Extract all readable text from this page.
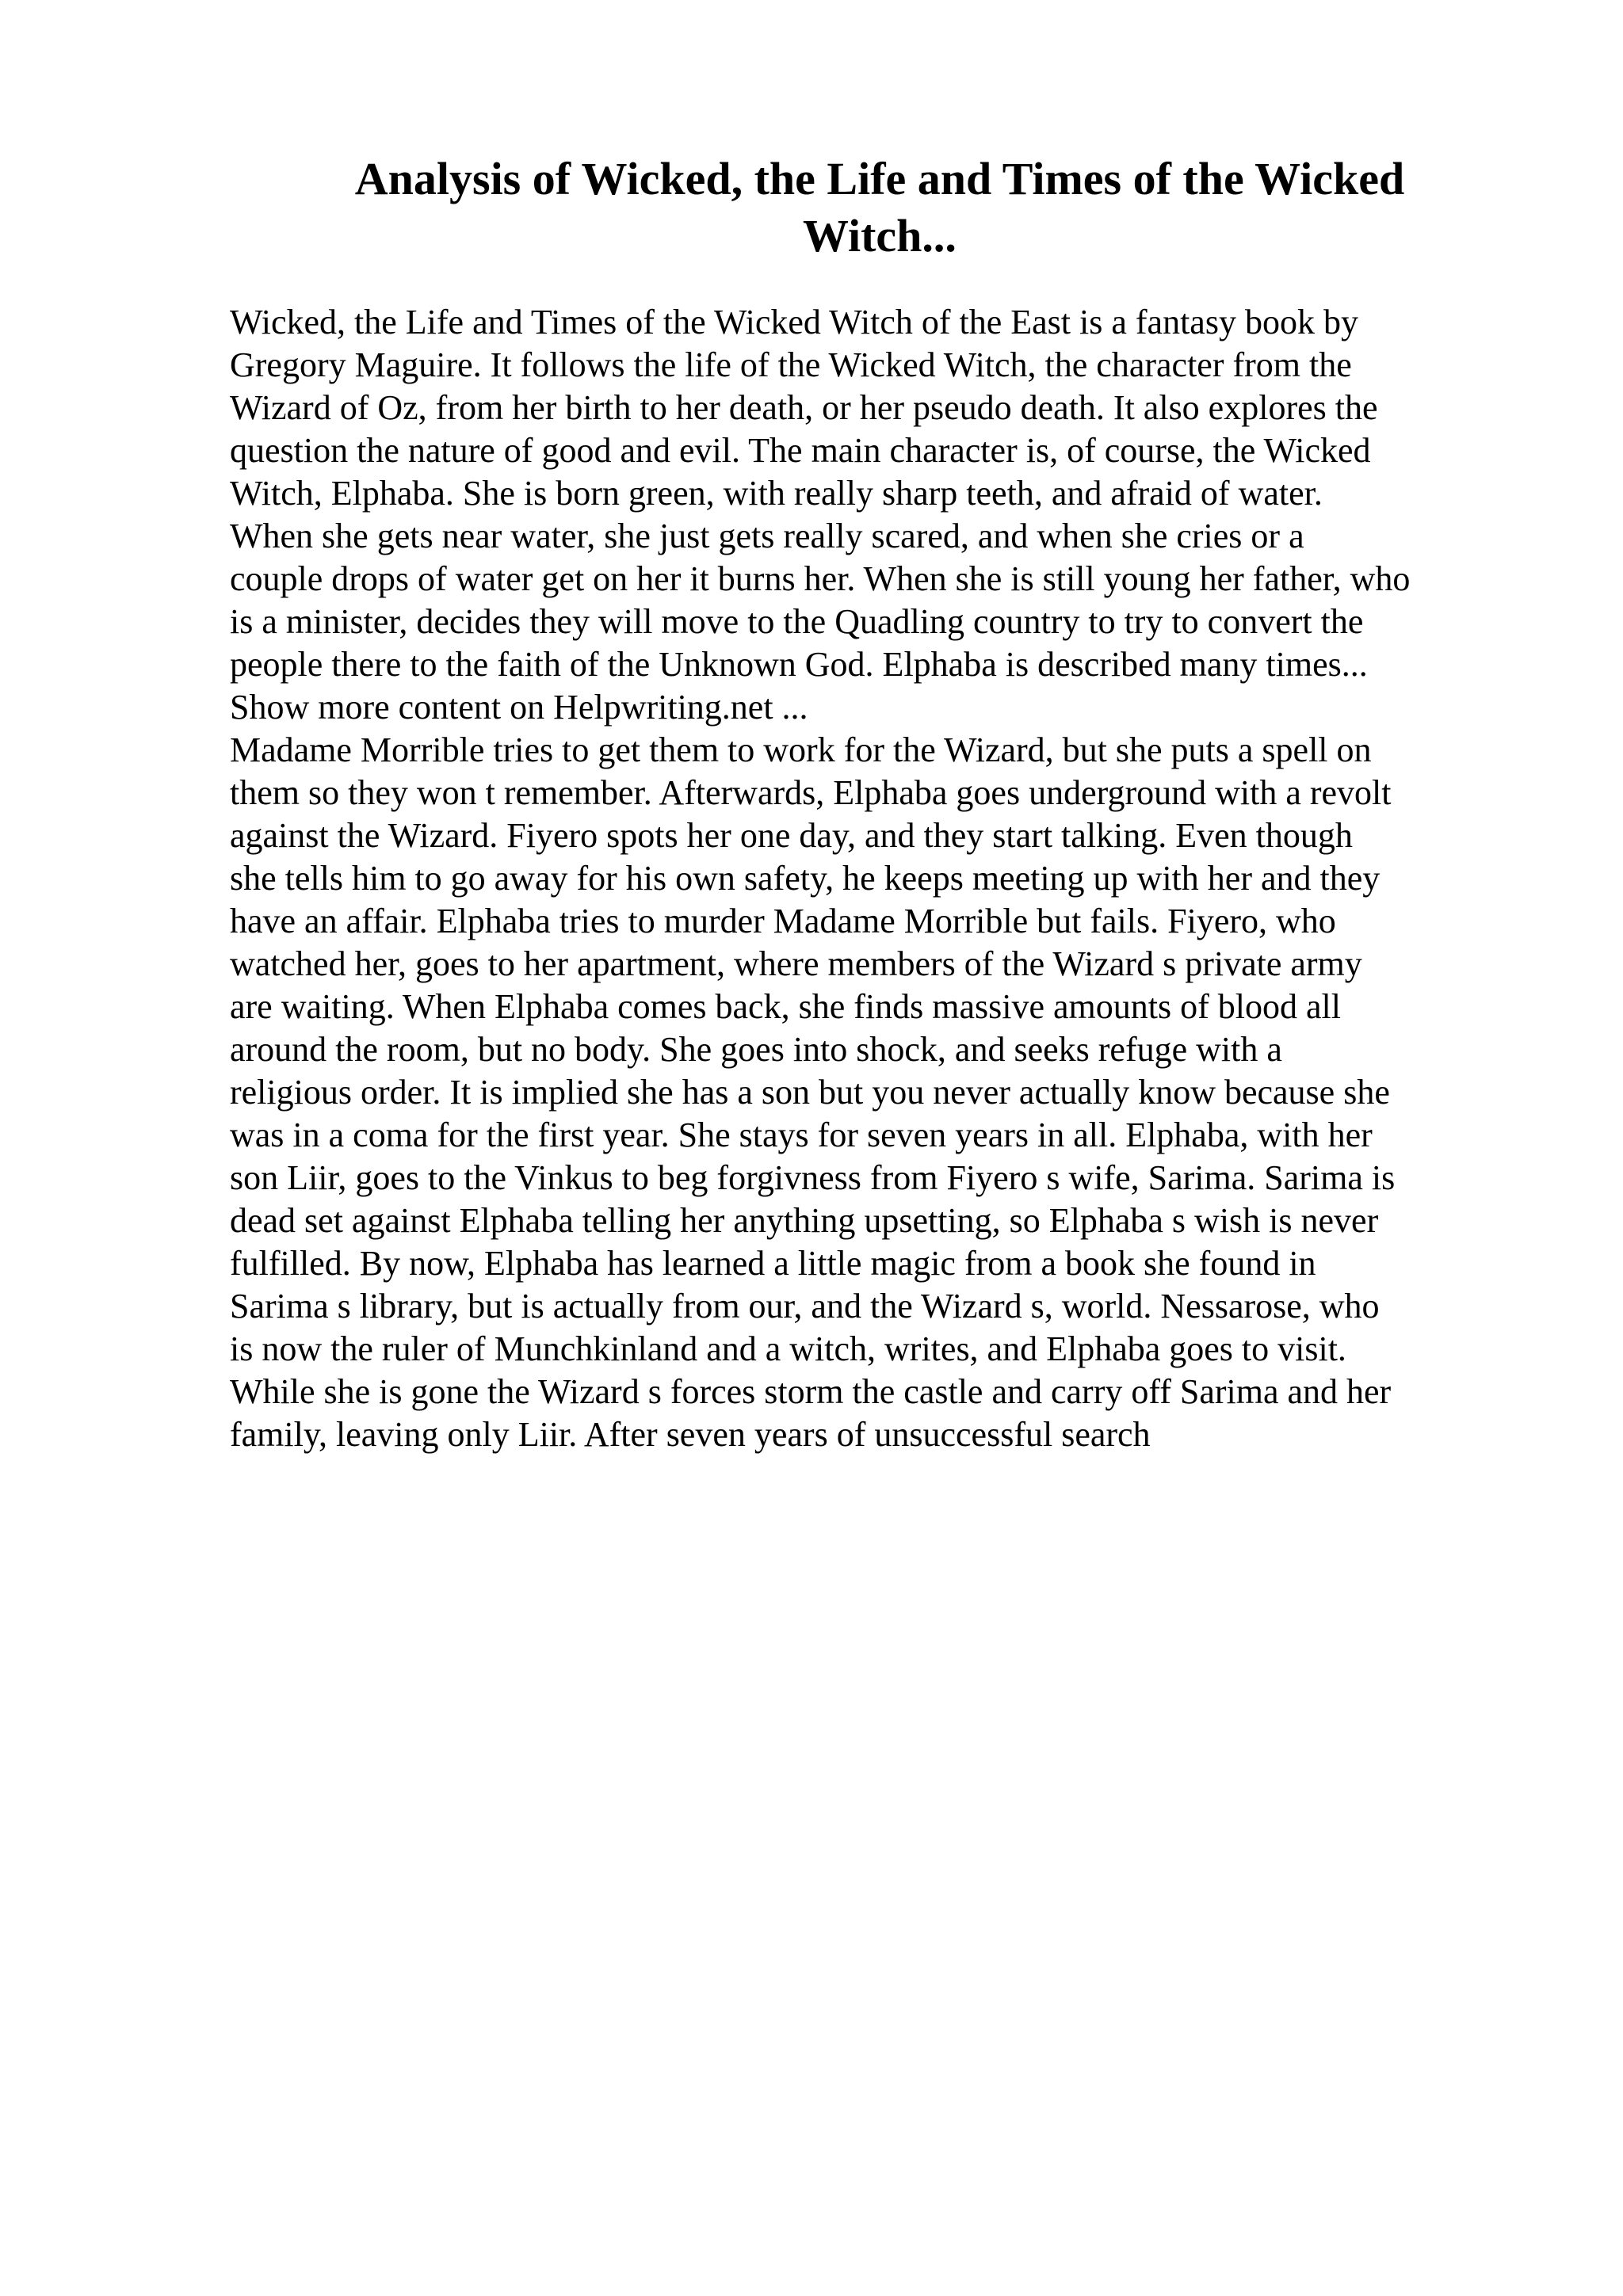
Analysis of Wicked, the Life and Times of the Wicked
Witch...
Wicked, the Life and Times of the Wicked Witch of the East is a fantasy book by
Gregory Maguire. It follows the life of the Wicked Witch, the character from the
Wizard of Oz, from her birth to her death, or her pseudo death. It also explores the
question the nature of good and evil. The main character is, of course, the Wicked
Witch, Elphaba. She is born green, with really sharp teeth, and afraid of water.
When she gets near water, she just gets really scared, and when she cries or a
couple drops of water get on her it burns her. When she is still young her father, who
is a minister, decides they will move to the Quadling country to try to convert the
people there to the faith of the Unknown God. Elphaba is described many times...
Show more content on Helpwriting.net ...
Madame Morrible tries to get them to work for the Wizard, but she puts a spell on
them so they won t remember. Afterwards, Elphaba goes underground with a revolt
against the Wizard. Fiyero spots her one day, and they start talking. Even though
she tells him to go away for his own safety, he keeps meeting up with her and they
have an affair. Elphaba tries to murder Madame Morrible but fails. Fiyero, who
watched her, goes to her apartment, where members of the Wizard s private army
are waiting. When Elphaba comes back, she finds massive amounts of blood all
around the room, but no body. She goes into shock, and seeks refuge with a
religious order. It is implied she has a son but you never actually know because she
was in a coma for the first year. She stays for seven years in all. Elphaba, with her
son Liir, goes to the Vinkus to beg forgivness from Fiyero s wife, Sarima. Sarima is
dead set against Elphaba telling her anything upsetting, so Elphaba s wish is never
fulfilled. By now, Elphaba has learned a little magic from a book she found in
Sarima s library, but is actually from our, and the Wizard s, world. Nessarose, who
is now the ruler of Munchkinland and a witch, writes, and Elphaba goes to visit.
While she is gone the Wizard s forces storm the castle and carry off Sarima and her
family, leaving only Liir. After seven years of unsuccessful search
